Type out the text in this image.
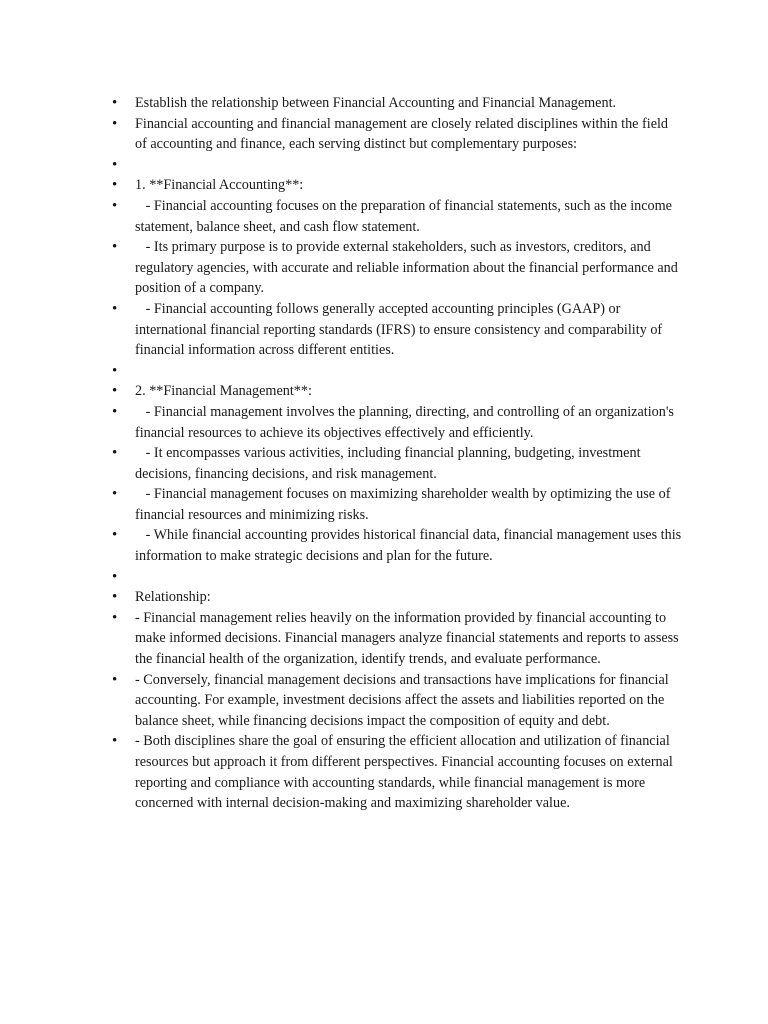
• Establish the relationship between Financial Accounting and Financial Management.
• Financial accounting and financial management are closely related disciplines within the field of accounting and finance, each serving distinct but complementary purposes:
•
• 1. **Financial Accounting**:
•    - Financial accounting focuses on the preparation of financial statements, such as the income statement, balance sheet, and cash flow statement.
•    - Its primary purpose is to provide external stakeholders, such as investors, creditors, and regulatory agencies, with accurate and reliable information about the financial performance and position of a company.
•    - Financial accounting follows generally accepted accounting principles (GAAP) or international financial reporting standards (IFRS) to ensure consistency and comparability of financial information across different entities.
•
• 2. **Financial Management**:
•    - Financial management involves the planning, directing, and controlling of an organization's financial resources to achieve its objectives effectively and efficiently.
•    - It encompasses various activities, including financial planning, budgeting, investment decisions, financing decisions, and risk management.
•    - Financial management focuses on maximizing shareholder wealth by optimizing the use of financial resources and minimizing risks.
•    - While financial accounting provides historical financial data, financial management uses this information to make strategic decisions and plan for the future.
•
• Relationship:
• - Financial management relies heavily on the information provided by financial accounting to make informed decisions. Financial managers analyze financial statements and reports to assess the financial health of the organization, identify trends, and evaluate performance.
• - Conversely, financial management decisions and transactions have implications for financial accounting. For example, investment decisions affect the assets and liabilities reported on the balance sheet, while financing decisions impact the composition of equity and debt.
• - Both disciplines share the goal of ensuring the efficient allocation and utilization of financial resources but approach it from different perspectives. Financial accounting focuses on external reporting and compliance with accounting standards, while financial management is more concerned with internal decision-making and maximizing shareholder value.
